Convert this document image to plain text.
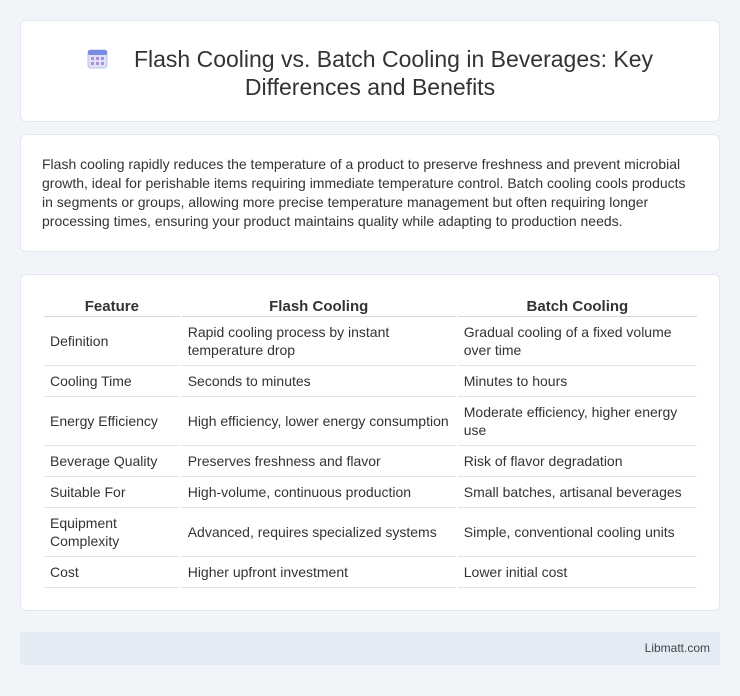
Flash Cooling vs. Batch Cooling in Beverages: Key
Differences and Benefits

Flash cooling rapidly reduces the temperature of a product to preserve freshness and prevent microbial growth, ideal for perishable items requiring immediate temperature control. Batch cooling cools products in segments or groups, allowing more precise temperature management but often requiring longer processing times, ensuring your product maintains quality while adapting to production needs.

Feature	Flash Cooling	Batch Cooling
Definition	Rapid cooling process by instant temperature drop	Gradual cooling of a fixed volume over time
Cooling Time	Seconds to minutes	Minutes to hours
Energy Efficiency	High efficiency, lower energy consumption	Moderate efficiency, higher energy use
Beverage Quality	Preserves freshness and flavor	Risk of flavor degradation
Suitable For	High-volume, continuous production	Small batches, artisanal beverages
Equipment Complexity	Advanced, requires specialized systems	Simple, conventional cooling units
Cost	Higher upfront investment	Lower initial cost
Libmatt.com
